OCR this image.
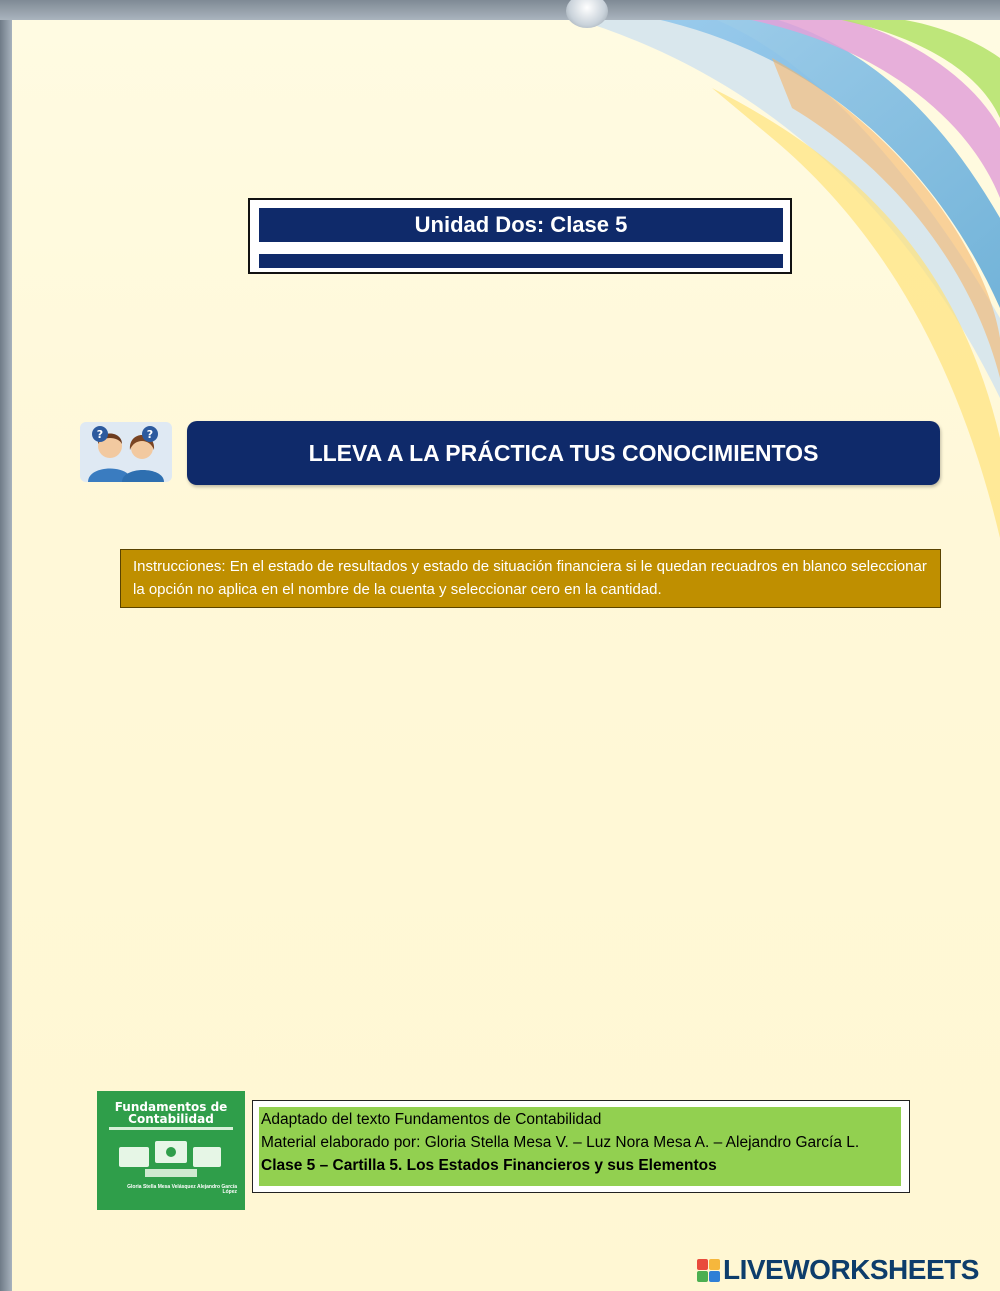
Unidad Dos: Clase 5
?	?
LLEVA A LA PRÁCTICA TUS CONOCIMIENTOS
Instrucciones: En el estado de resultados y estado de situación financiera si le quedan recuadros en blanco seleccionar la opción no aplica en el nombre de la cuenta y seleccionar cero en la cantidad.
Fundamentos de
Contabilidad
Gloria Stella Mesa Velásquez Alejandro García López
Adaptado del texto Fundamentos de Contabilidad
Material elaborado por: Gloria Stella Mesa V. – Luz Nora Mesa A. – Alejandro García L.
Clase 5 – Cartilla 5. Los Estados Financieros y sus Elementos
LIVEWORKSHEETS
